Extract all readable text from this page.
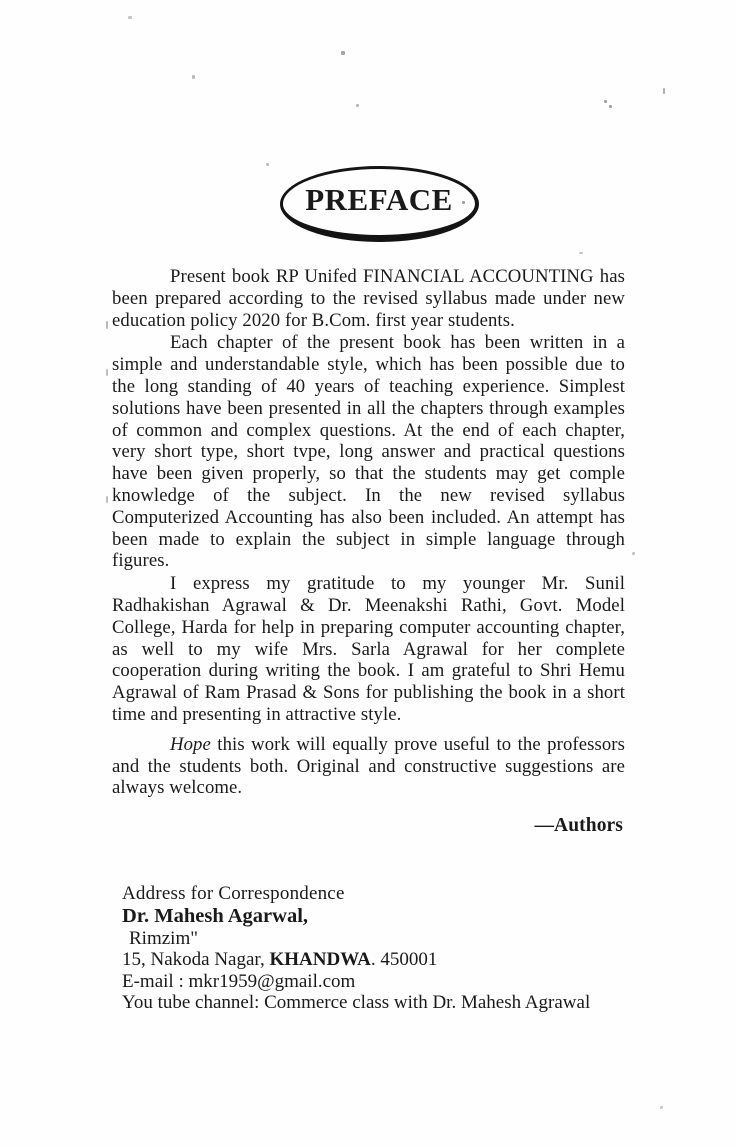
PREFACE

Present book RP Unifed FINANCIAL ACCOUNTING has been prepared according to the revised syllabus made under new education policy 2020 for B.Com. first year students.

Each chapter of the present book has been written in a simple and understandable style, which has been possible due to the long standing of 40 years of teaching experience. Simplest solutions have been presented in all the chapters through examples of common and complex questions. At the end of each chapter, very short type, short tvpe, long answer and practical questions have been given properly, so that the students may get comple knowledge of the subject. In the new revised syllabus Computerized Accounting has also been included. An attempt has been made to explain the subject in simple language through figures.

I express my gratitude to my younger Mr. Sunil Radhakishan Agrawal & Dr. Meenakshi Rathi, Govt. Model College, Harda for help in preparing computer accounting chapter, as well to my wife Mrs. Sarla Agrawal for her complete cooperation during writing the book. I am grateful to Shri Hemu Agrawal of Ram Prasad & Sons for publishing the book in a short time and presenting in attractive style.

Hope this work will equally prove useful to the professors and the students both. Original and constructive suggestions are always welcome.

—Authors
Address for Correspondence
Dr. Mahesh Agarwal,
Rimzim"
15, Nakoda Nagar, KHANDWA. 450001
E-mail : mkr1959@gmail.com
You tube channel: Commerce class with Dr. Mahesh Agrawal
